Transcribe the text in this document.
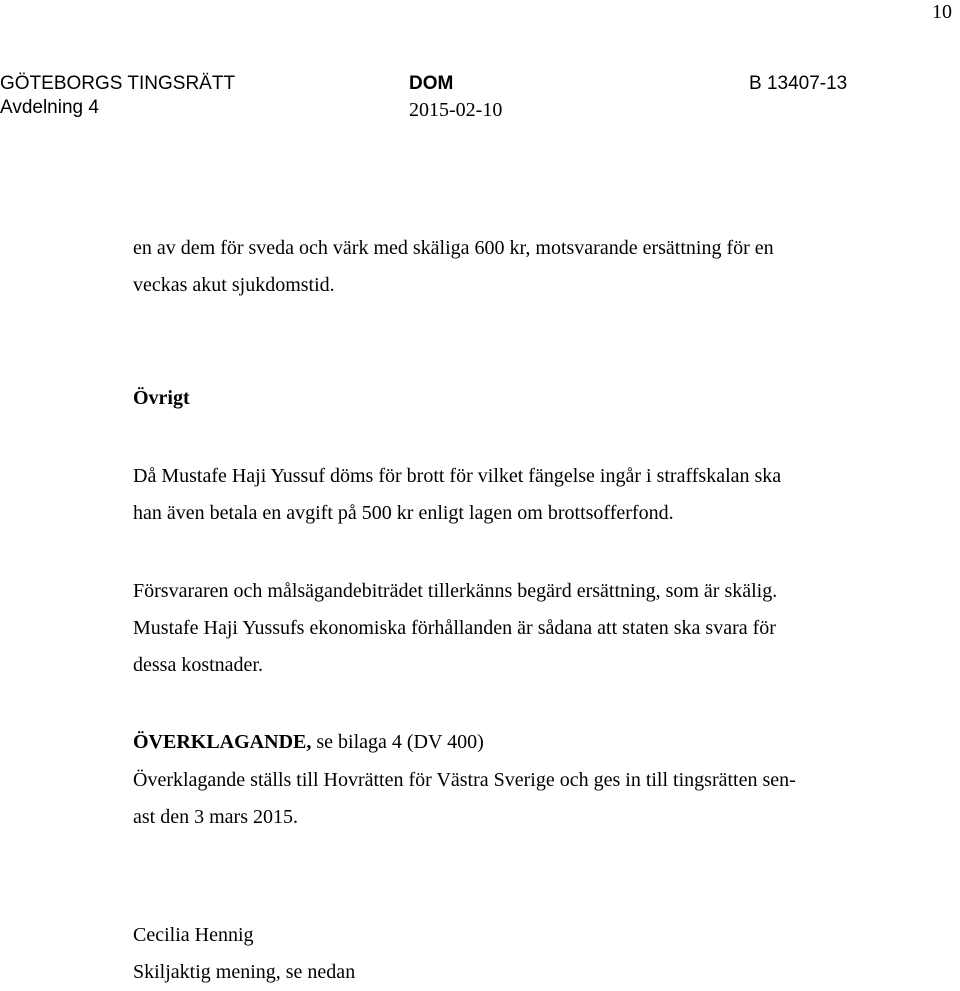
10
GÖTEBORGS TINGSRÄTT
Avdelning 4
DOM
2015-02-10
B 13407-13
en av dem för sveda och värk med skäliga 600 kr, motsvarande ersättning för en
veckas akut sjukdomstid.
Övrigt
Då Mustafe Haji Yussuf döms för brott för vilket fängelse ingår i straffskalan ska
han även betala en avgift på 500 kr enligt lagen om brottsofferfond.
Försvararen och målsägandebiträdet tillerkänns begärd ersättning, som är skälig.
Mustafe Haji Yussufs ekonomiska förhållanden är sådana att staten ska svara för
dessa kostnader.
ÖVERKLAGANDE, se bilaga 4 (DV 400)
Överklagande ställs till Hovrätten för Västra Sverige och ges in till tingsrätten sen-
ast den 3 mars 2015.
Cecilia Hennig
Skiljaktig mening, se nedan
